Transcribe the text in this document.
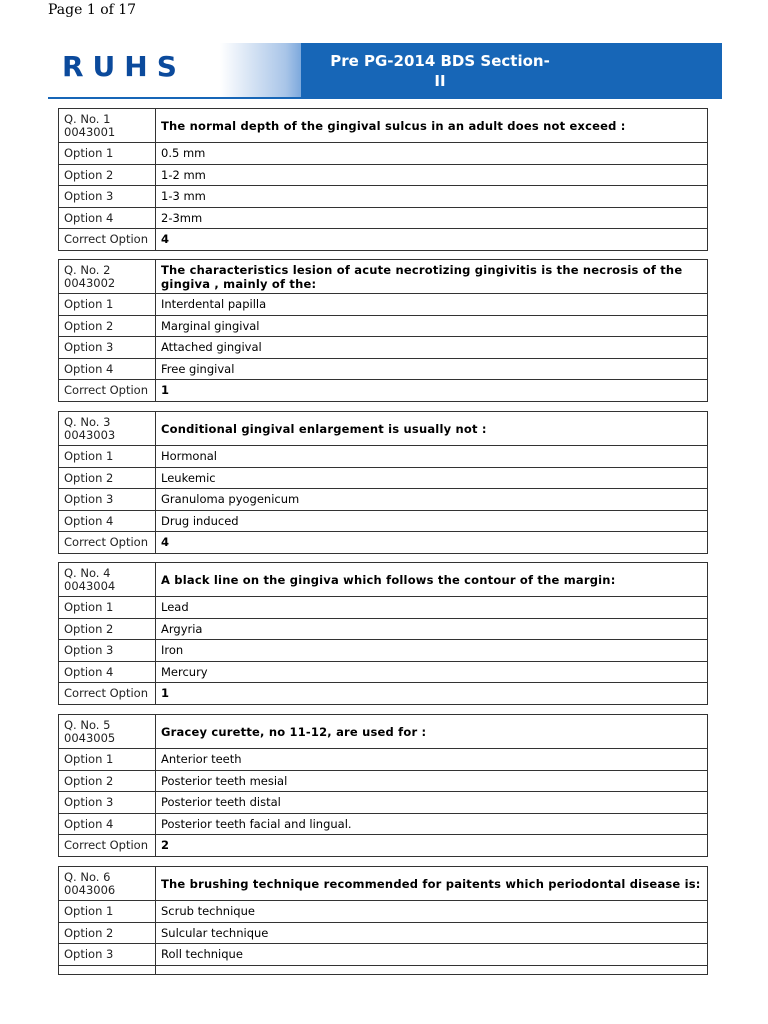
Page 1 of 17
RUHS	Pre PG-2014 BDS Section-
II
Q. No. 1
0043001	The normal depth of the gingival sulcus in an adult does not exceed :
Option 1	0.5 mm
Option 2	1-2 mm
Option 3	1-3 mm
Option 4	2-3mm
Correct Option	4
Q. No. 2
0043002	The characteristics lesion of acute necrotizing gingivitis is the necrosis of the gingiva , mainly of the:
Option 1	Interdental papilla
Option 2	Marginal gingival
Option 3	Attached gingival
Option 4	Free gingival
Correct Option	1
Q. No. 3
0043003	Conditional gingival enlargement is usually not :
Option 1	Hormonal
Option 2	Leukemic
Option 3	Granuloma pyogenicum
Option 4	Drug induced
Correct Option	4
Q. No. 4
0043004	A black line on the gingiva which follows the contour of the margin:
Option 1	Lead
Option 2	Argyria
Option 3	Iron
Option 4	Mercury
Correct Option	1
Q. No. 5
0043005	Gracey curette, no 11-12, are used for :
Option 1	Anterior teeth
Option 2	Posterior teeth mesial
Option 3	Posterior teeth distal
Option 4	Posterior teeth facial and lingual.
Correct Option	2
Q. No. 6
0043006	The brushing technique recommended for paitents which periodontal disease is:
Option 1	Scrub technique
Option 2	Sulcular technique
Option 3	Roll technique
